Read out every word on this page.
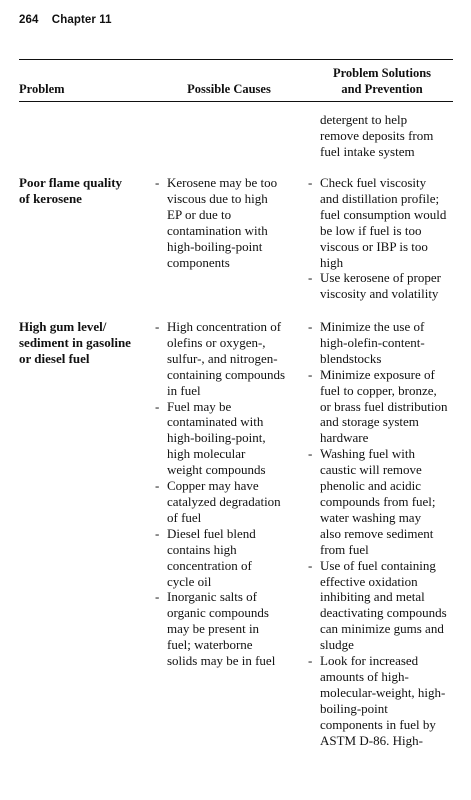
264 Chapter 11
Problem	Possible Causes
Problem Solutions
and Prevention

detergent to help

remove deposits from

fuel intake system

Poor flame quality

of kerosene

- Kerosene may be too

viscous due to high

EP or due to

contamination with

high-boiling-point

components

- Check fuel viscosity

and distillation profile;

fuel consumption would

be low if fuel is too

viscous or IBP is too

high

- Use kerosene of proper

viscosity and volatility

High gum level/

sediment in gasoline

or diesel fuel

- High concentration of

olefins or oxygen-,

sulfur-, and nitrogen-

containing compounds

in fuel

- Fuel may be

contaminated with

high-boiling-point,

high molecular

weight compounds

- Copper may have

catalyzed degradation

of fuel

- Diesel fuel blend

contains high

concentration of

cycle oil

- Inorganic salts of

organic compounds

may be present in

fuel; waterborne

solids may be in fuel

- Minimize the use of

high-olefin-content-

blendstocks

- Minimize exposure of

fuel to copper, bronze,

or brass fuel distribution

and storage system

hardware

- Washing fuel with

caustic will remove

phenolic and acidic

compounds from fuel;

water washing may

also remove sediment

from fuel

- Use of fuel containing

effective oxidation

inhibiting and metal

deactivating compounds

can minimize gums and

sludge

- Look for increased

amounts of high-

molecular-weight, high-

boiling-point

components in fuel by

ASTM D-86. High-
